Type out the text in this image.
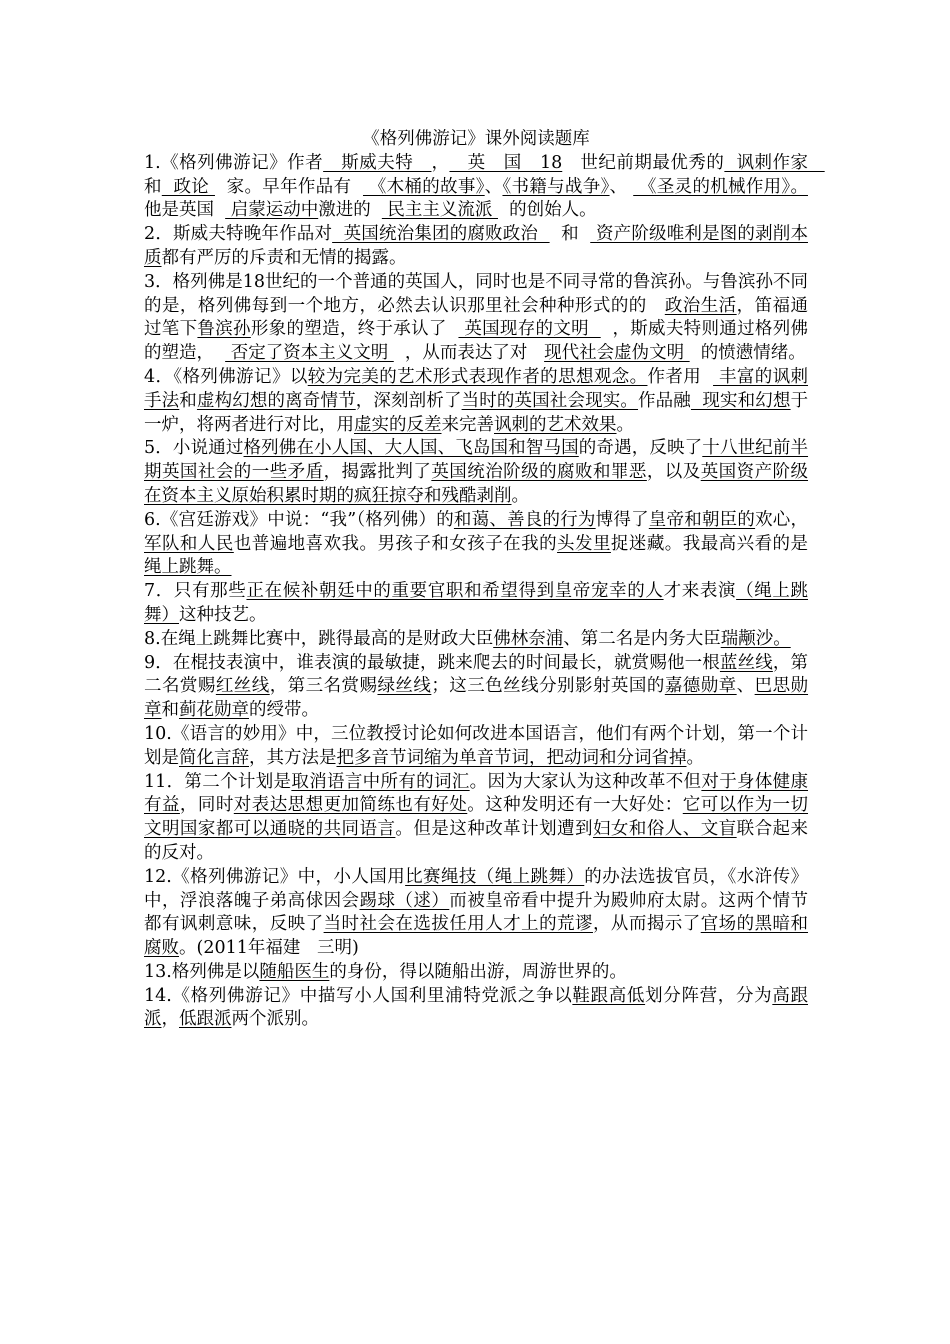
《格列佛游记》课外阅读题库

1.《格列佛游记》作者   斯威夫特   ，   英   国   18   世纪前期最优秀的  讽刺作家   和  政论   家。早年作品有   《木桶的故事》、《书籍与战争》、  《圣灵的机械作用》。他是英国   启蒙运动中激进的   民主主义流派   的创始人。

2．斯威夫特晚年作品对  英国统治集团的腐败政治    和   资产阶级唯利是图的剥削本质都有严厉的斥责和无情的揭露。

3．格列佛是18世纪的一个普通的英国人，同时也是不同寻常的鲁滨孙。与鲁滨孙不同的是，格列佛每到一个地方，必然去认识那里社会种种形式的的   政治生活，笛福通过笔下鲁滨孙形象的塑造，终于承认了   英国现存的文明    ，斯威夫特则通过格列佛的塑造，   否定了资本主义文明   ，从而表达了对   现代社会虚伪文明   的愤懑情绪。

4．《格列佛游记》以较为完美的艺术形式表现作者的思想观念。作者用   丰富的讽刺手法和虚构幻想的离奇情节，深刻剖析了当时的英国社会现实。作品融  现实和幻想于一炉，将两者进行对比，用虚实的反差来完善讽刺的艺术效果。

5．小说通过格列佛在小人国、大人国、飞岛国和智马国的奇遇，反映了十八世纪前半期英国社会的一些矛盾，揭露批判了英国统治阶级的腐败和罪恶，以及英国资产阶级在资本主义原始积累时期的疯狂掠夺和残酷剥削。

6.《宫廷游戏》中说：“我”（格列佛）的和蔼、善良的行为博得了皇帝和朝臣的欢心，军队和人民也普遍地喜欢我。男孩子和女孩子在我的头发里捉迷藏。我最高兴看的是   绳上跳舞。

7．只有那些正在候补朝廷中的重要官职和希望得到皇帝宠幸的人才来表演（绳上跳舞）这种技艺。

8.在绳上跳舞比赛中，跳得最高的是财政大臣佛林奈浦、第二名是内务大臣瑞颟沙。

9．在棍技表演中，谁表演的最敏捷，跳来爬去的时间最长，就赏赐他一根蓝丝线，第二名赏赐红丝线，第三名赏赐绿丝线；这三色丝线分别影射英国的嘉德勋章、巴思勋章和蓟花勋章的绶带。

10.《语言的妙用》中，三位教授讨论如何改进本国语言，他们有两个计划，第一个计划是简化言辞，其方法是把多音节词缩为单音节词，把动词和分词省掉。

11．第二个计划是取消语言中所有的词汇。因为大家认为这种改革不但对于身体健康有益，同时对表达思想更加简练也有好处。这种发明还有一大好处：它可以作为一切文明国家都可以通晓的共同语言。但是这种改革计划遭到妇女和俗人、文盲联合起来的反对。

12.《格列佛游记》中，小人国用比赛绳技（绳上跳舞）的办法选拔官员，《水浒传》中，浮浪落魄子弟高俅因会踢球（逑）而被皇帝看中提升为殿帅府太尉。这两个情节都有讽刺意味，反映了当时社会在选拔任用人才上的荒谬，从而揭示了官场的黑暗和腐败。(2011年福建   三明)

13.格列佛是以随船医生的身份，得以随船出游，周游世界的。

14.《格列佛游记》中描写小人国利里浦特党派之争以鞋跟高低划分阵营，分为高跟派，低跟派两个派别。
